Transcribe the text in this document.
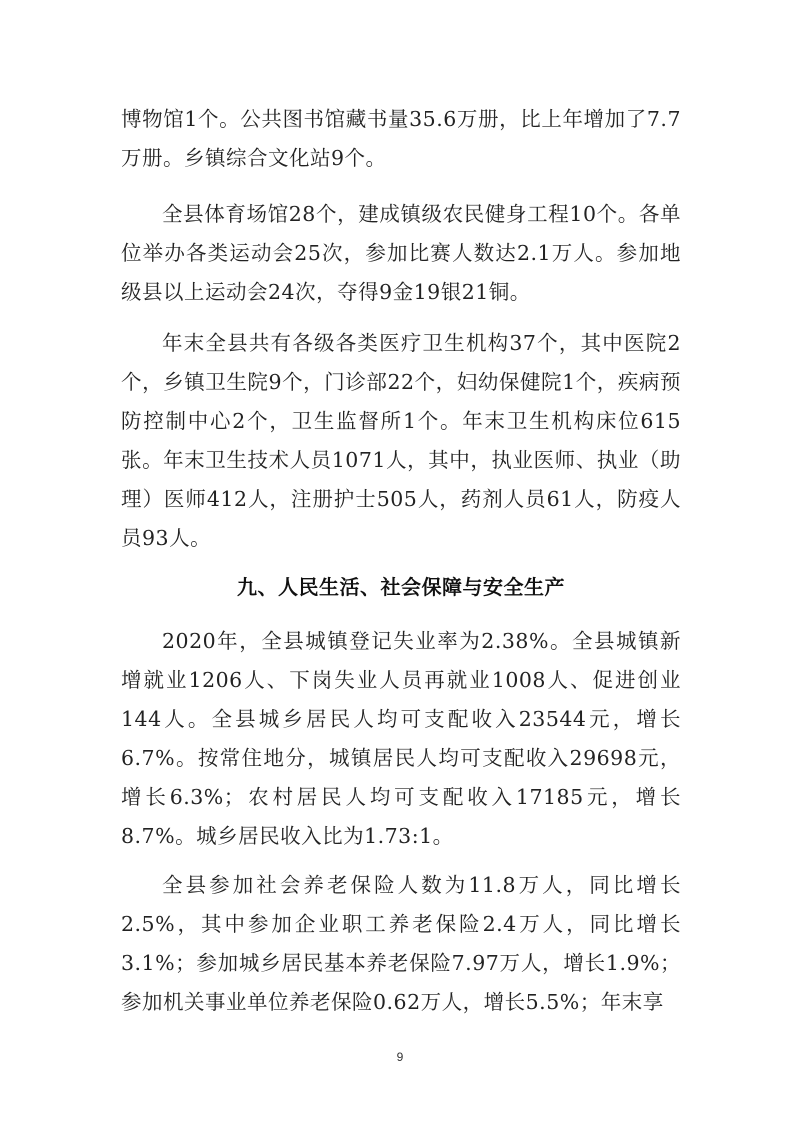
博物馆1个。公共图书馆藏书量35.6万册，比上年增加了7.7万册。乡镇综合文化站9个。

全县体育场馆28个，建成镇级农民健身工程10个。各单位举办各类运动会25次，参加比赛人数达2.1万人。参加地级县以上运动会24次，夺得9金19银21铜。

年末全县共有各级各类医疗卫生机构37个，其中医院2个，乡镇卫生院9个，门诊部22个，妇幼保健院1个，疾病预防控制中心2个，卫生监督所1个。年末卫生机构床位615张。年末卫生技术人员1071人，其中，执业医师、执业（助理）医师412人，注册护士505人，药剂人员61人，防疫人员93人。

九、人民生活、社会保障与安全生产

2020年，全县城镇登记失业率为2.38%。全县城镇新增就业1206人、下岗失业人员再就业1008人、促进创业144人。全县城乡居民人均可支配收入23544元，增长6.7%。按常住地分，城镇居民人均可支配收入29698元，增长6.3%；农村居民人均可支配收入17185元，增长8.7%。城乡居民收入比为1.73:1。

全县参加社会养老保险人数为11.8万人，同比增长2.5%，其中参加企业职工养老保险2.4万人，同比增长3.1%；参加城乡居民基本养老保险7.97万人，增长1.9%；参加机关事业单位养老保险0.62万人，增长5.5%；年末享

9
